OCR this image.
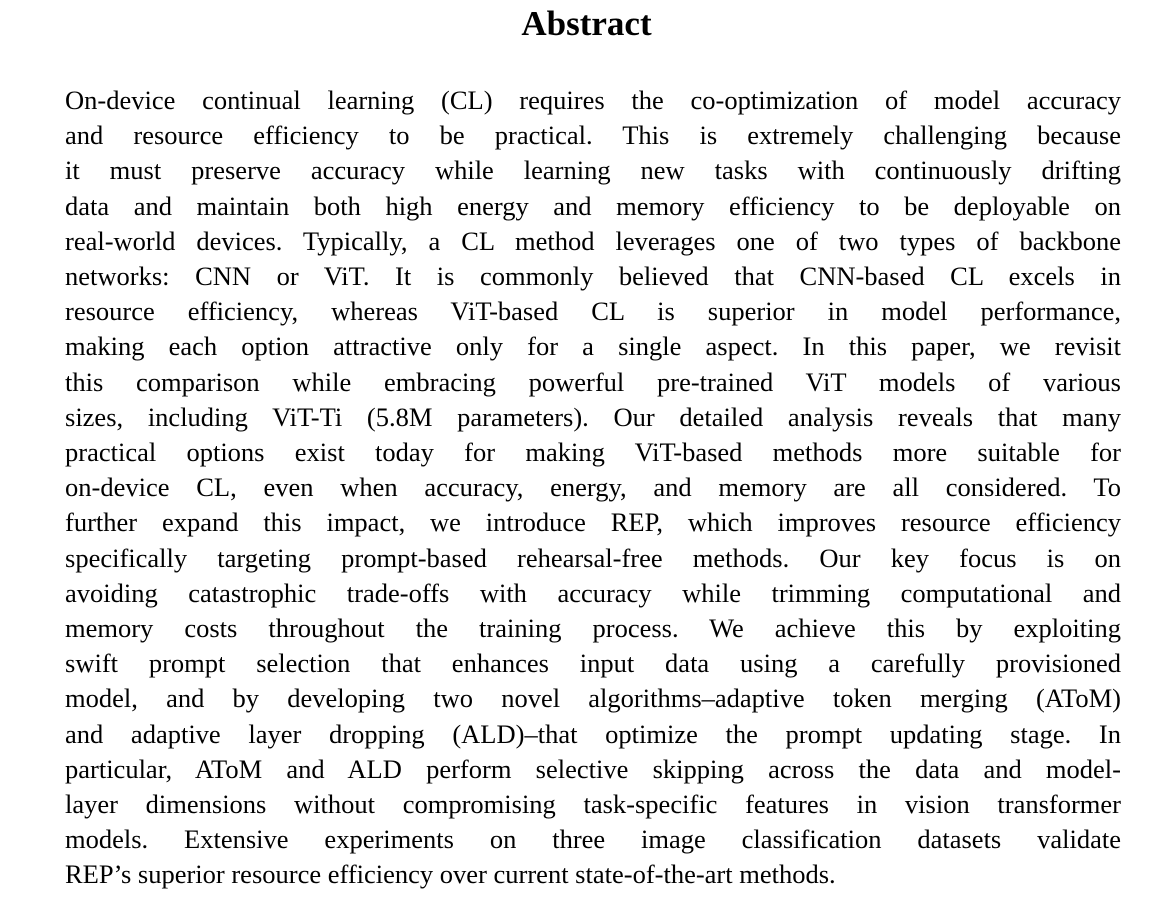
Abstract
On-device continual learning (CL) requires the co-optimization of model accuracy
and resource efficiency to be practical. This is extremely challenging because
it must preserve accuracy while learning new tasks with continuously drifting
data and maintain both high energy and memory efficiency to be deployable on
real-world devices. Typically, a CL method leverages one of two types of backbone
networks: CNN or ViT. It is commonly believed that CNN-based CL excels in
resource efficiency, whereas ViT-based CL is superior in model performance,
making each option attractive only for a single aspect. In this paper, we revisit
this comparison while embracing powerful pre-trained ViT models of various
sizes, including ViT-Ti (5.8M parameters). Our detailed analysis reveals that many
practical options exist today for making ViT-based methods more suitable for
on-device CL, even when accuracy, energy, and memory are all considered. To
further expand this impact, we introduce REP, which improves resource efficiency
specifically targeting prompt-based rehearsal-free methods. Our key focus is on
avoiding catastrophic trade-offs with accuracy while trimming computational and
memory costs throughout the training process. We achieve this by exploiting
swift prompt selection that enhances input data using a carefully provisioned
model, and by developing two novel algorithms–adaptive token merging (AToM)
and adaptive layer dropping (ALD)–that optimize the prompt updating stage. In
particular, AToM and ALD perform selective skipping across the data and model-
layer dimensions without compromising task-specific features in vision transformer
models. Extensive experiments on three image classification datasets validate
REP’s superior resource efficiency over current state-of-the-art methods.
